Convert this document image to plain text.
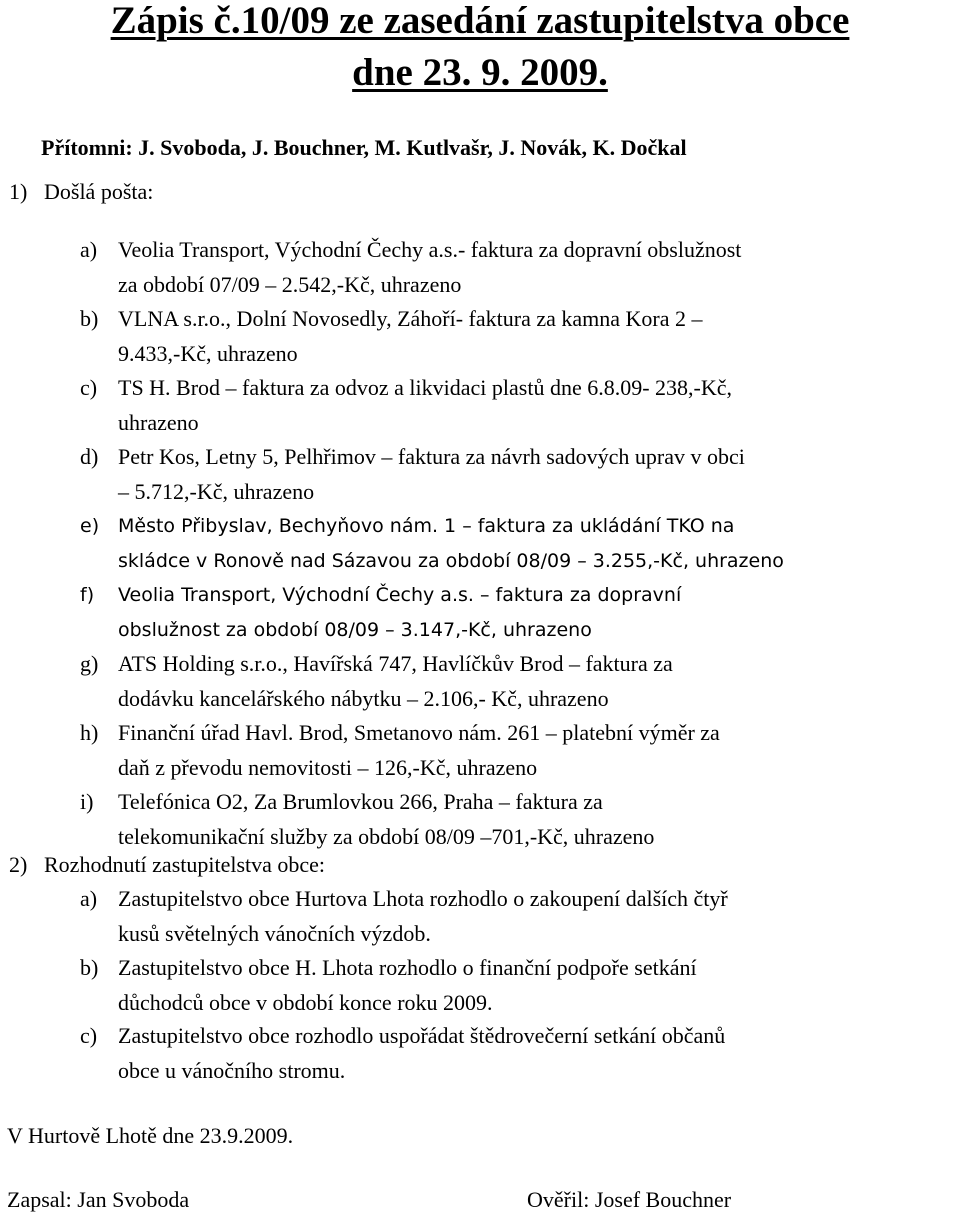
Zápis č.10/09 ze zasedání zastupitelstva obce
dne 23. 9. 2009.
Přítomni: J. Svoboda, J. Bouchner, M. Kutlvašr, J. Novák, K. Dočkal
1) Došlá pošta:
a) Veolia Transport, Východní Čechy a.s.- faktura za dopravní obslužnost
za období 07/09 – 2.542,-Kč, uhrazeno
b) VLNA s.r.o., Dolní Novosedly, Záhoří- faktura za kamna Kora 2 –
9.433,-Kč, uhrazeno
c) TS H. Brod – faktura za odvoz a likvidaci plastů dne 6.8.09- 238,-Kč,
uhrazeno
d) Petr Kos, Letny 5, Pelhřimov – faktura za návrh sadových uprav v obci
– 5.712,-Kč, uhrazeno
e) Město Přibyslav, Bechyňovo nám. 1 – faktura za ukládání TKO na
skládce v Ronově nad Sázavou za období 08/09 – 3.255,-Kč, uhrazeno
f)	Veolia Transport, Východní Čechy a.s. – faktura za dopravní
obslužnost za období 08/09 – 3.147,-Kč, uhrazeno
g) ATS Holding s.r.o., Havířská 747, Havlíčkův Brod – faktura za
dodávku kancelářského nábytku – 2.106,- Kč, uhrazeno
h) Finanční úřad Havl. Brod, Smetanovo nám. 261 – platební výměr za
daň z převodu nemovitosti – 126,-Kč, uhrazeno
i)	Telefónica O2, Za Brumlovkou 266, Praha – faktura za
telekomunikační služby za období 08/09 –701,-Kč, uhrazeno
2) Rozhodnutí zastupitelstva obce:
a) Zastupitelstvo obce Hurtova Lhota rozhodlo o zakoupení dalších čtyř
kusů světelných vánočních výzdob.
b) Zastupitelstvo obce H. Lhota rozhodlo o finanční podpoře setkání
důchodců obce v období konce roku 2009.
c) Zastupitelstvo obce rozhodlo uspořádat štědrovečerní setkání občanů
obce u vánočního stromu.
V Hurtově Lhotě dne 23.9.2009.
Zapsal: Jan Svoboda	Ověřil: Josef Bouchner
